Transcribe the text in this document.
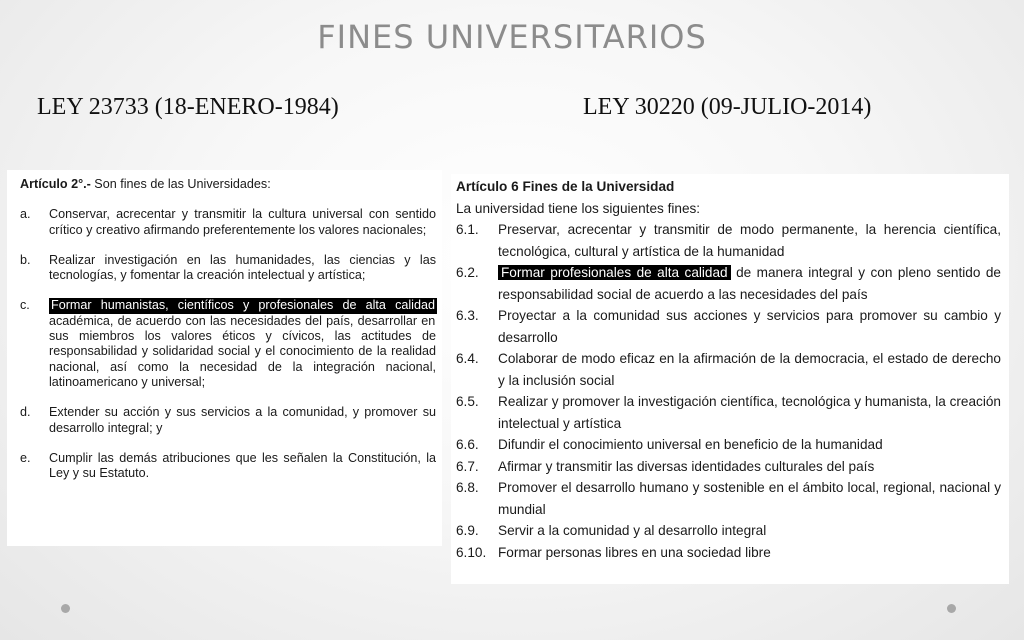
FINES UNIVERSITARIOS
LEY 23733 (18-ENERO-1984)	LEY 30220 (09-JULIO-2014)
Artículo 2°.- Son fines de las Universidades:
a.	Conservar, acrecentar y transmitir la cultura universal con sentido crítico y creativo afirmando preferentemente los valores nacionales;
b.	Realizar investigación en las humanidades, las ciencias y las tecnologías, y fomentar la creación intelectual y artística;
c.	Formar humanistas, científicos y profesionales de alta calidad académica, de acuerdo con las necesidades del país, desarrollar en sus miembros los valores éticos y cívicos, las actitudes de responsabilidad y solidaridad social y el conocimiento de la realidad nacional, así como la necesidad de la integración nacional, latinoamericano y universal;
d.	Extender su acción y sus servicios a la comunidad, y promover su desarrollo integral; y
e.	Cumplir las demás atribuciones que les señalen la Constitución, la Ley y su Estatuto.
Artículo 6 Fines de la Universidad
La universidad tiene los siguientes fines:
6.1.	Preservar, acrecentar y transmitir de modo permanente, la herencia científica, tecnológica, cultural y artística de la humanidad
6.2.	Formar profesionales de alta calidad de manera integral y con pleno sentido de responsabilidad social de acuerdo a las necesidades del país
6.3.	Proyectar a la comunidad sus acciones y servicios para promover su cambio y desarrollo
6.4.	Colaborar de modo eficaz en la afirmación de la democracia, el estado de derecho y la inclusión social
6.5.	Realizar y promover la investigación científica, tecnológica y humanista, la creación intelectual y artística
6.6.	Difundir el conocimiento universal en beneficio de la humanidad
6.7.	Afirmar y transmitir las diversas identidades culturales del país
6.8.	Promover el desarrollo humano y sostenible en el ámbito local, regional, nacional y mundial
6.9.	Servir a la comunidad y al desarrollo integral
6.10. Formar personas libres en una sociedad libre
